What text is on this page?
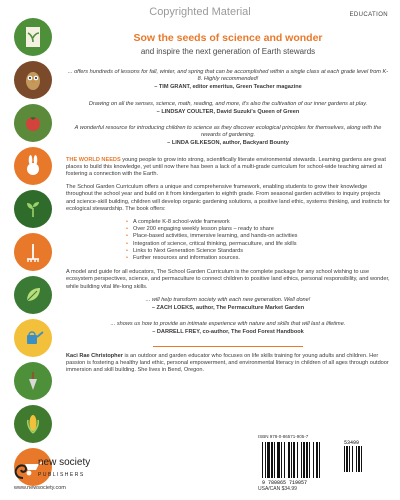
Copyrighted Material	EDUCATION

Sow the seeds of science and wonder

and inspire the next generation of Earth stewards

... offers hundreds of lessons for fall, winter, and spring that can be accomplished within a single class at each grade level from K-8. Highly recommended!
– TIM GRANT, editor emeritus, Green Teacher magazine
Drawing on all the senses, science, math, reading, and more, it's also the cultivation of our inner gardens at play.
– LINDSAY COULTER, David Suzuki's Queen of Green
A wonderful resource for introducing children to science as they discover ecological principles for themselves, along with the rewards of gardening.
– LINDA GILKESON, author, Backyard Bounty

THE WORLD NEEDS young people to grow into strong, scientifically literate environmental stewards. Learning gardens are great places to build this knowledge, yet until now there has been a lack of a multi-grade curriculum for school-wide teaching aimed at fostering a connection with the Earth.

The School Garden Curriculum offers a unique and comprehensive framework, enabling students to grow their knowledge throughout the school year and build on it from kindergarten to eighth grade. From seasonal garden activities to inquiry projects and science-skill building, children will develop organic gardening solutions, a positive land ethic, systems thinking, and instincts for ecological stewardship. The book offers:

• A complete K-8 school-wide framework
• Over 200 engaging weekly lesson plans – ready to share
• Place-based activities, immersive learning, and hands-on activities
• Integration of science, critical thinking, permaculture, and life skills
• Links to Next Generation Science Standards
• Further resources and information sources.

A model and guide for all educators, The School Garden Curriculum is the complete package for any school wishing to use ecosystem perspectives, science, and permaculture to connect children to positive land ethics, personal responsibility, and wonder, while building vital life-long skills.

... will help transform society with each new generation. Well done!
– ZACH LOEKS, author, The Permaculture Market Garden
... shows us how to provide an intimate experience with nature and skills that will last a lifetime.
– DARRELL FREY, co-author, The Food Forest Handbook

Kaci Rae Christopher is an outdoor and garden educator who focuses on life skills training for young adults and children. Her passion is fostering a healthy land ethic, personal empowerment, and environmental literacy in children of all ages through outdoor immersion and skill building. She lives in Bend, Oregon.

new society
PUBLISHERS
www.newsociety.com
ISBN 978-0-86571-905-7
9 780865 719057
53499
USA/CAN $34.99
